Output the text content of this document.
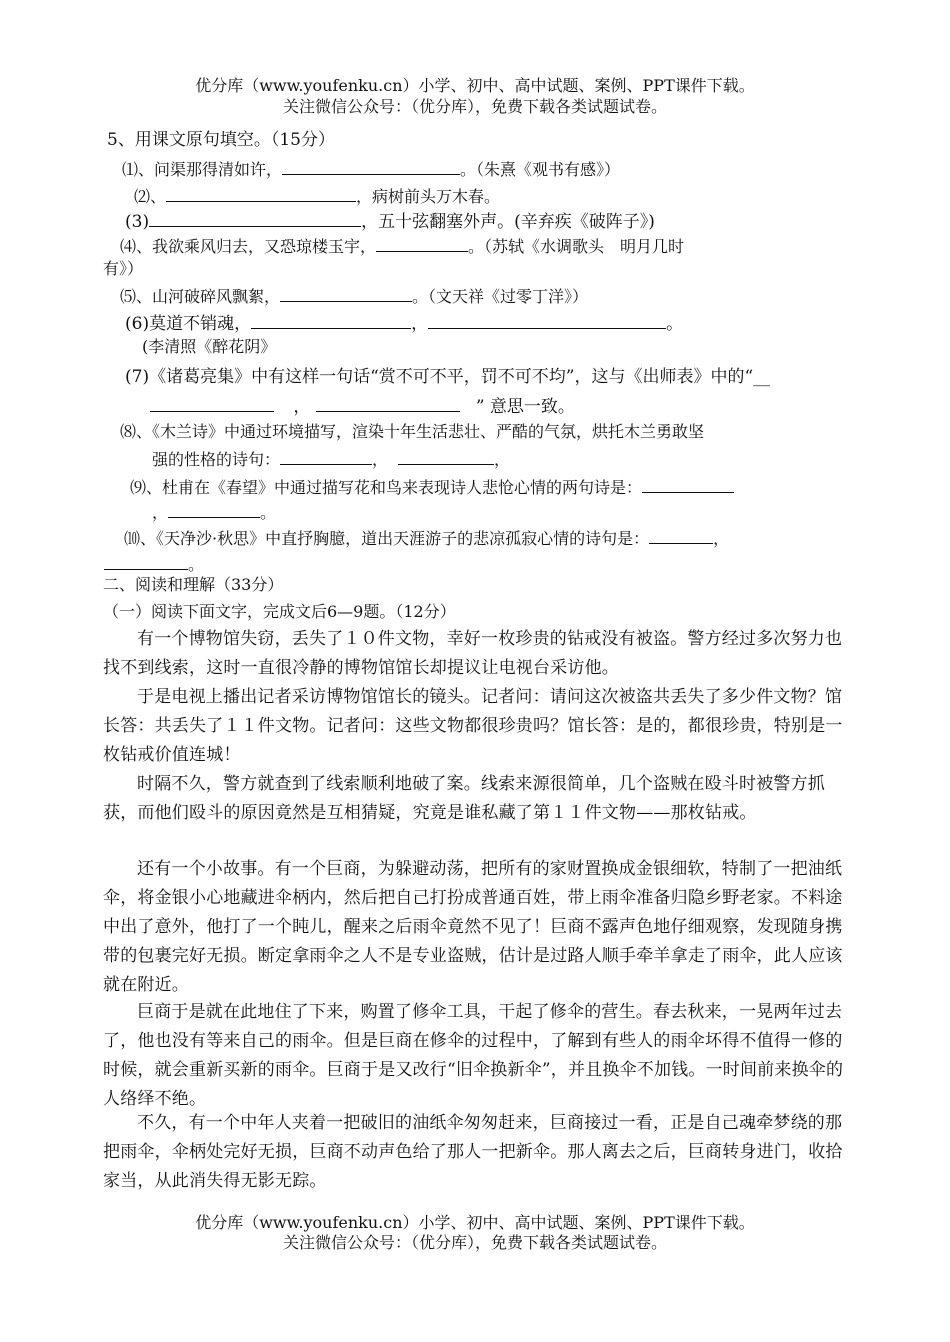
优分库（www.youfenku.cn）小学、初中、高中试题、案例、PPT课件下载。
关注微信公众号：（优分库），免费下载各类试题试卷。
5、用课文原句填空。（15分）
⑴、问渠那得清如许，	。（朱熹《观书有感》）
⑵、	，病树前头万木春。
(3)	，五十弦翻塞外声。(辛弃疾《破阵子》)
⑷、我欲乘风归去，又恐琼楼玉宇，	。（苏轼《水调歌头　明月几时
有》）
⑸、山河破碎风飘絮，	。（文天祥《过零丁洋》）
(6)莫道不销魂，	，	。
(李清照《醉花阴》
(7)《诸葛亮集》中有这样一句话“赏不可不平，罚不可不均”，这与《出师表》中的“__
，	” 意思一致。
⑻、《木兰诗》中通过环境描写，渲染十年生活悲壮、严酷的气氛，烘托木兰勇敢坚
强的性格的诗句：	，	，
⑼、杜甫在《春望》中通过描写花和鸟来表现诗人悲怆心情的两句诗是：
，	。
⑽、《天净沙·秋思》中直抒胸臆，道出天涯游子的悲凉孤寂心情的诗句是：	，
。
二、阅读和理解（33分）
（一）阅读下面文字，完成文后6—9题。（12分）
有一个博物馆失窃，丢失了１０件文物，幸好一枚珍贵的钻戒没有被盗。警方经过多次努力也找不到线索，这时一直很冷静的博物馆馆长却提议让电视台采访他。
于是电视上播出记者采访博物馆馆长的镜头。记者问：请问这次被盗共丢失了多少件文物？馆长答：共丢失了１１件文物。记者问：这些文物都很珍贵吗？馆长答：是的，都很珍贵，特别是一枚钻戒价值连城！
时隔不久，警方就查到了线索顺利地破了案。线索来源很简单，几个盗贼在殴斗时被警方抓获，而他们殴斗的原因竟然是互相猜疑，究竟是谁私藏了第１１件文物——那枚钻戒。
还有一个小故事。有一个巨商，为躲避动荡，把所有的家财置换成金银细软，特制了一把油纸伞，将金银小心地藏进伞柄内，然后把自己打扮成普通百姓，带上雨伞准备归隐乡野老家。不料途中出了意外，他打了一个盹儿，醒来之后雨伞竟然不见了！巨商不露声色地仔细观察，发现随身携带的包裹完好无损。断定拿雨伞之人不是专业盗贼，估计是过路人顺手牵羊拿走了雨伞，此人应该就在附近。
巨商于是就在此地住了下来，购置了修伞工具，干起了修伞的营生。春去秋来，一晃两年过去了，他也没有等来自己的雨伞。但是巨商在修伞的过程中，了解到有些人的雨伞坏得不值得一修的时候，就会重新买新的雨伞。巨商于是又改行“旧伞换新伞”，并且换伞不加钱。一时间前来换伞的人络绎不绝。
不久，有一个中年人夹着一把破旧的油纸伞匆匆赶来，巨商接过一看，正是自己魂牵梦绕的那把雨伞，伞柄处完好无损，巨商不动声色给了那人一把新伞。那人离去之后，巨商转身进门，收拾家当，从此消失得无影无踪。
优分库（www.youfenku.cn）小学、初中、高中试题、案例、PPT课件下载。
关注微信公众号：（优分库），免费下载各类试题试卷。
